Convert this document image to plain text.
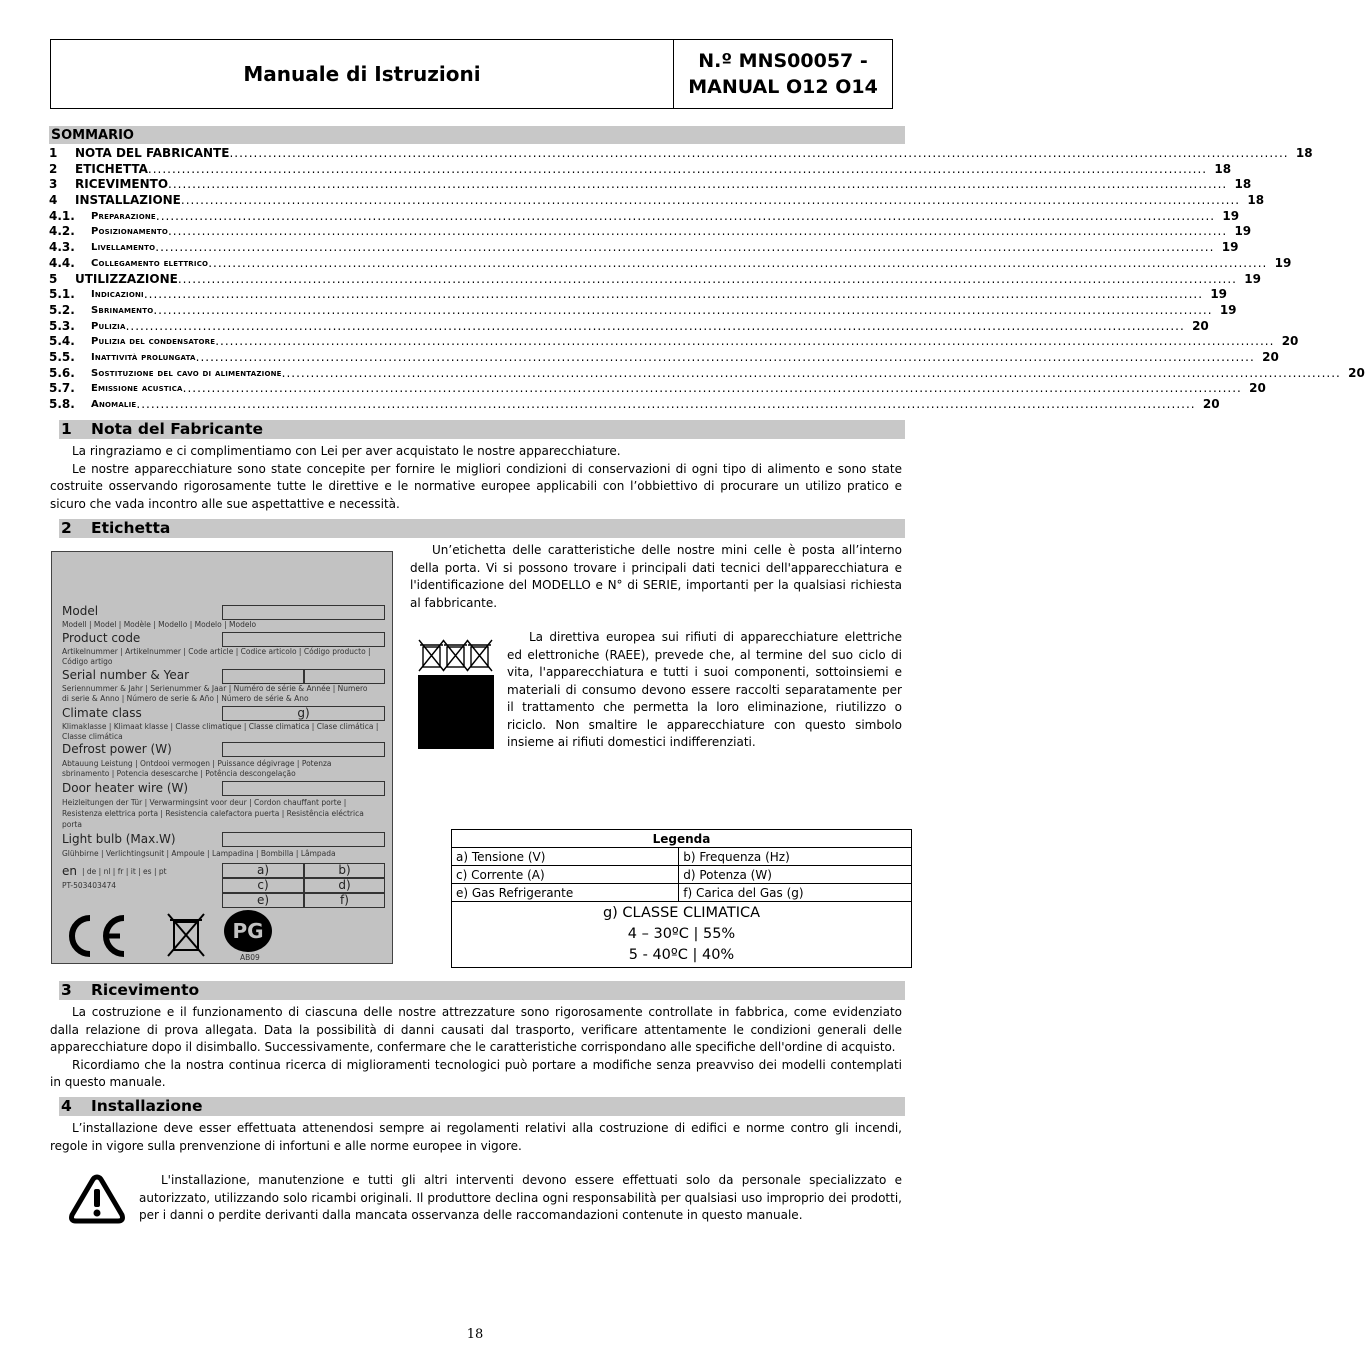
Manuale di Istruzioni
N.º MNS00057 -
MANUAL O12 O14
SOMMARIO
1	NOTA DEL FABRICANTE ............................................................................................................................................................................................................................ 18
2	ETICHETTA ............................................................................................................................................................................................................................ 18
3	RICEVIMENTO ............................................................................................................................................................................................................................ 18
4	INSTALLAZIONE ............................................................................................................................................................................................................................ 18
4.1.	Preparazione ............................................................................................................................................................................................................................ 19
4.2.	Posizionamento ............................................................................................................................................................................................................................ 19
4.3.	Livellamento ............................................................................................................................................................................................................................ 19
4.4.	Collegamento elettrico ............................................................................................................................................................................................................................ 19
5	UTILIZZAZIONE ............................................................................................................................................................................................................................ 19
5.1.	Indicazioni ............................................................................................................................................................................................................................ 19
5.2.	Sbrinamento ............................................................................................................................................................................................................................ 19
5.3.	Pulizia ............................................................................................................................................................................................................................ 20
5.4.	Pulizia del condensatore ............................................................................................................................................................................................................................ 20
5.5.	Inattività prolungata ............................................................................................................................................................................................................................ 20
5.6.	Sostituzione del cavo di alimentazione ............................................................................................................................................................................................................................ 20
5.7.	Emissione acustica ............................................................................................................................................................................................................................ 20
5.8.	Anomalie ............................................................................................................................................................................................................................ 20
1 Nota del Fabricante

La ringraziamo e ci complimentiamo con Lei per aver acquistato le nostre apparecchiature.

Le nostre apparecchiature sono state concepite per fornire le migliori condizioni di conservazioni di ogni tipo di alimento e sono state costruite osservando rigorosamente tutte le direttive e le normative europee applicabili con l’obbiettivo di procurare un utilizo pratico e sicuro che vada incontro alle sue aspettattive e necessità.

2 Etichetta
Model
Modell | Model | Modèle | Modello | Modelo | Modelo
Product code
Artikelnummer | Artikelnummer | Code article | Codice articolo | Código producto |
Código artigo
Serial number & Year
Seriennummer & Jahr | Serienummer & Jaar | Numéro de série & Année | Numero
di serie & Anno | Número de serie & Año | Número de série & Ano
Climate class	g)
Klimaklasse | Klimaat klasse | Classe climatique | Classe climatica | Clase climática |
Classe climática
Defrost power (W)
Abtauung Leistung | Ontdooi vermogen | Puissance dégivrage | Potenza
sbrinamento | Potencia desescarche | Potência descongelação
Door heater wire (W)
Heizleitungen der Tür | Verwarmingsint voor deur | Cordon chauffant porte |
Resistenza elettrica porta | Resistencia calefactora puerta | Resistência eléctrica
porta
Light bulb (Max.W)
Glühbirne | Verlichtingsunit | Ampoule | Lampadina | Bombilla | Lâmpada
en | de | nl | fr | it | es | pt
PT-503403474
a)	b)
c)	d)
e)	f)
PG
AB09

Un’etichetta delle caratteristiche delle nostre mini celle è posta all’interno della porta. Vi si possono trovare i principali dati tecnici dell'apparecchiatura e l'identificazione del MODELLO e N° di SERIE, importanti per la qualsiasi richiesta al fabbricante.

La direttiva europea sui rifiuti di apparecchiature elettriche ed elettroniche (RAEE), prevede che, al termine del suo ciclo di vita, l'apparecchiatura e tutti i suoi componenti, sottoinsiemi e materiali di consumo devono essere raccolti separatamente per il trattamento che permetta la loro eliminazione, riutilizzo o riciclo. Non smaltire le apparecchiature con questo simbolo insieme ai rifiuti domestici indifferenziati.

Legenda	
a) Tensione (V)	b) Frequenza (Hz)
c) Corrente (A)	d) Potenza (W)
e) Gas Refrigerante	f) Carica del Gas (g)

g) CLASSE CLIMATICA
4 – 30ºC | 55%
5 - 40ºC | 40%	
3 Ricevimento

La costruzione e il funzionamento di ciascuna delle nostre attrezzature sono rigorosamente controllate in fabbrica, come evidenziato dalla relazione di prova allegata. Data la possibilità di danni causati dal trasporto, verificare attentamente le condizioni generali delle apparecchiature dopo il disimballo. Successivamente, confermare che le caratteristiche corrispondano alle specifiche dell'ordine di acquisto.

Ricordiamo che la nostra continua ricerca di miglioramenti tecnologici può portare a modifiche senza preavviso dei modelli contemplati in questo manuale.

4 Installazione

L’installazione deve esser effettuata attenendosi sempre ai regolamenti relativi alla costruzione di edifici e norme contro gli incendi, regole in vigore sulla prenvenzione di infortuni e alle norme europee in vigore.

L'installazione, manutenzione e tutti gli altri interventi devono essere effettuati solo da personale specializzato e autorizzato, utilizzando solo ricambi originali. Il produttore declina ogni responsabilità per qualsiasi uso improprio dei prodotti, per i danni o perdite derivanti dalla mancata osservanza delle raccomandazioni contenute in questo manuale.

18
